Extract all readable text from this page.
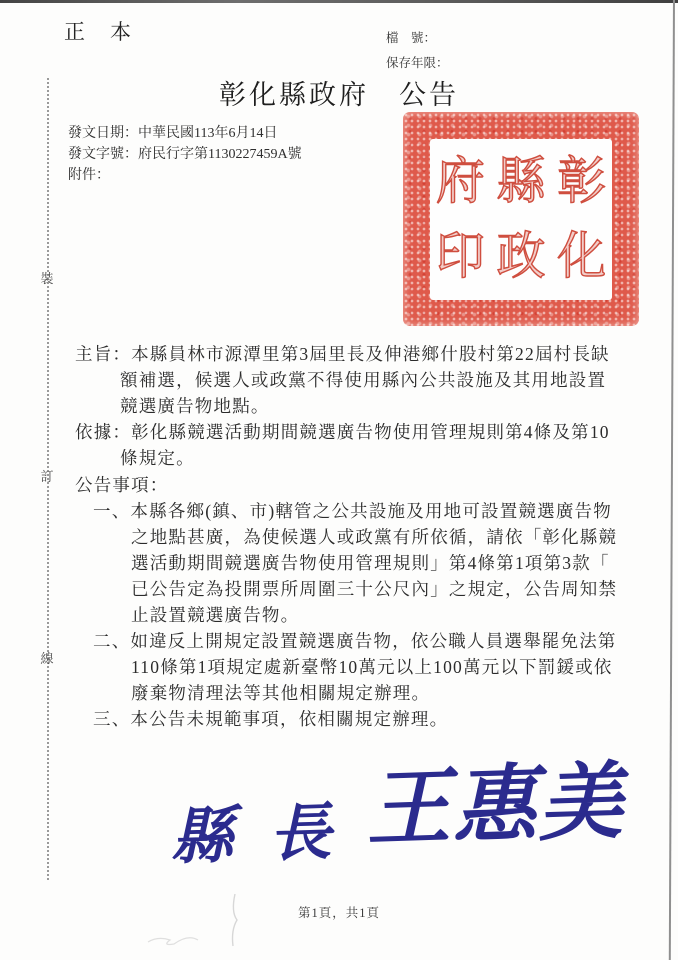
正　本	檔　號：
保存年限：
彰化縣政府　公告
發文日期：中華民國113年6月14日
發文字號：府民行字第1130227459A號
附件：	彰
化
縣
政
府
印
主旨：本縣員林市源潭里第3屆里長及伸港鄉什股村第22屆村長缺
額補選，候選人或政黨不得使用縣內公共設施及其用地設置
競選廣告物地點。
依據：彰化縣競選活動期間競選廣告物使用管理規則第4條及第10
條規定。
公告事項：
一、本縣各鄉(鎮、市)轄管之公共設施及用地可設置競選廣告物
之地點甚廣，為使候選人或政黨有所依循，請依「彰化縣競
選活動期間競選廣告物使用管理規則」第4條第1項第3款「
已公告定為投開票所周圍三十公尺內」之規定，公告周知禁
止設置競選廣告物。
二、如違反上開規定設置競選廣告物，依公職人員選舉罷免法第
110條第1項規定處新臺幣10萬元以上100萬元以下罰鍰或依
廢棄物清理法等其他相關規定辦理。
三、本公告未規範事項，依相關規定辦理。
縣長王惠美
裝
訂
線
第1頁，共1頁
